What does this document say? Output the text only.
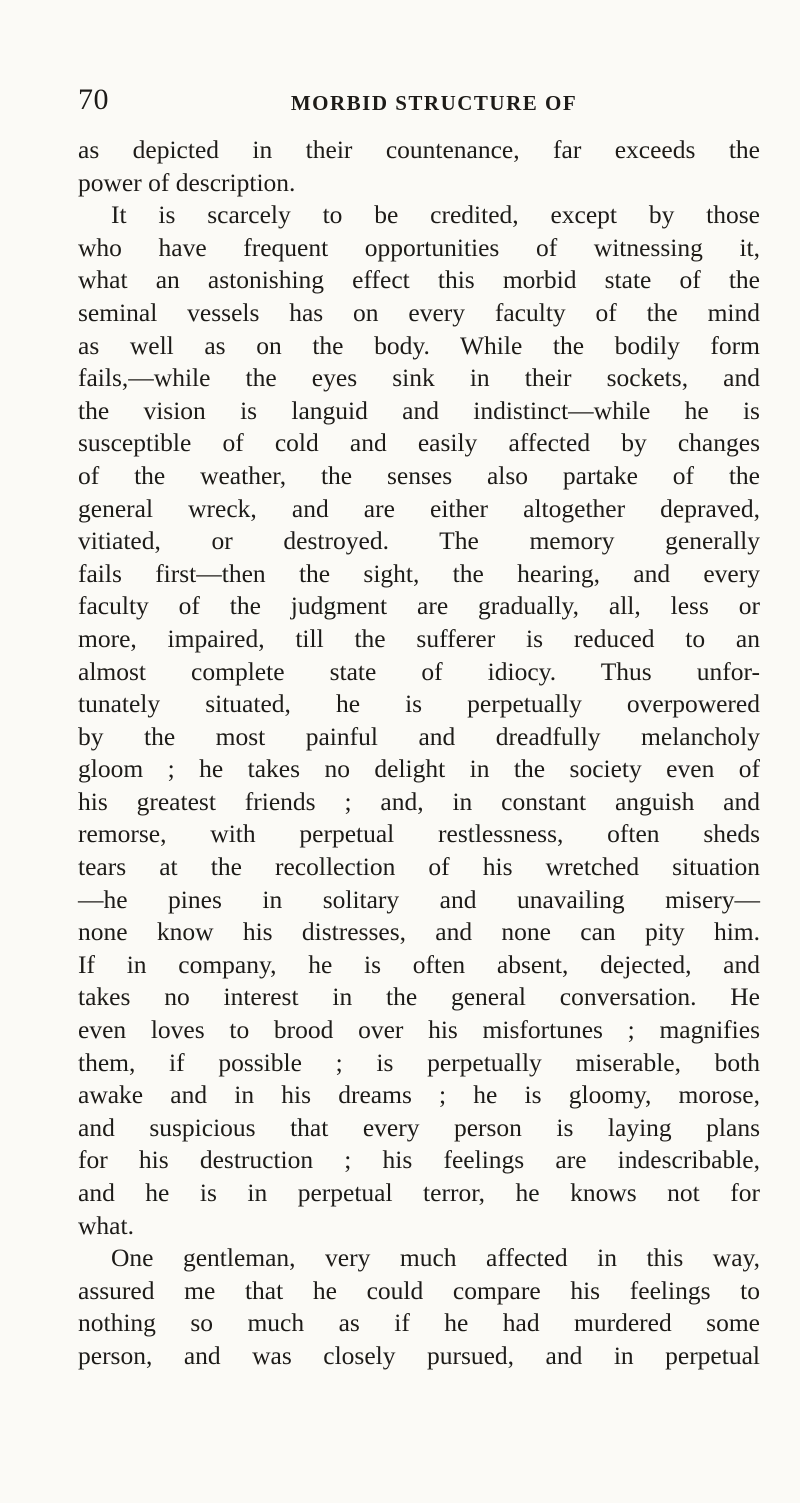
70	MORBID STRUCTURE OF
as depicted in their countenance, far exceeds the
power of description.
It is scarcely to be credited, except by those
who have frequent opportunities of witnessing it,
what an astonishing effect this morbid state of the
seminal vessels has on every faculty of the mind
as well as on the body. While the bodily form
fails,—while the eyes sink in their sockets, and
the vision is languid and indistinct—while he is
susceptible of cold and easily affected by changes
of the weather, the senses also partake of the
general wreck, and are either altogether depraved,
vitiated, or destroyed. The memory generally
fails first—then the sight, the hearing, and every
faculty of the judgment are gradually, all, less or
more, impaired, till the sufferer is reduced to an
almost complete state of idiocy. Thus unfor-
tunately situated, he is perpetually overpowered
by the most painful and dreadfully melancholy
gloom ; he takes no delight in the society even of
his greatest friends ; and, in constant anguish and
remorse, with perpetual restlessness, often sheds
tears at the recollection of his wretched situation
—he pines in solitary and unavailing misery—
none know his distresses, and none can pity him.
If in company, he is often absent, dejected, and
takes no interest in the general conversation. He
even loves to brood over his misfortunes ; magnifies
them, if possible ; is perpetually miserable, both
awake and in his dreams ; he is gloomy, morose,
and suspicious that every person is laying plans
for his destruction ; his feelings are indescribable,
and he is in perpetual terror, he knows not for
what.
One gentleman, very much affected in this way,
assured me that he could compare his feelings to
nothing so much as if he had murdered some
person, and was closely pursued, and in perpetual
